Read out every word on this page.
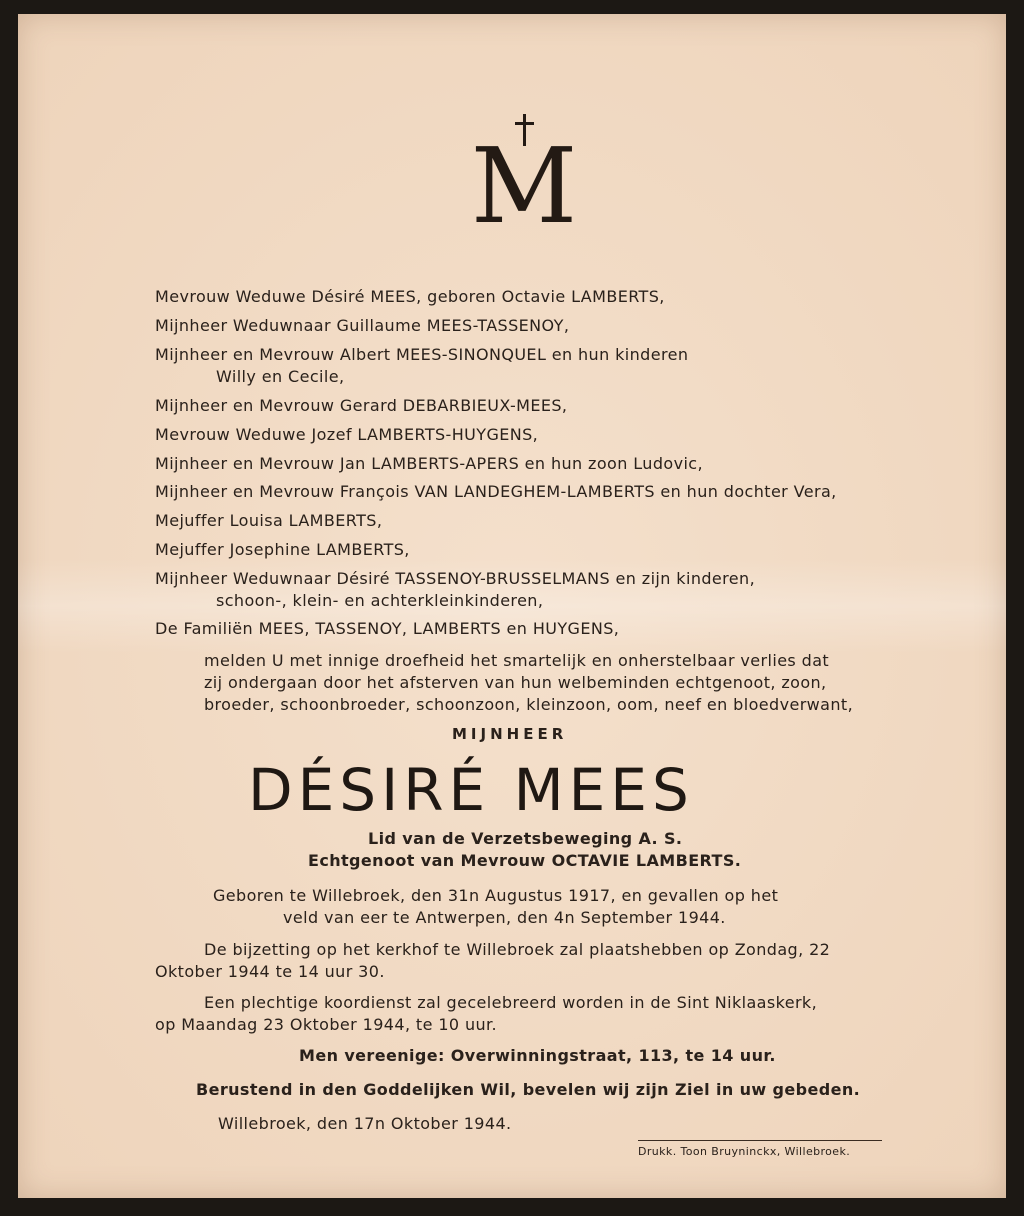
M
Mevrouw Weduwe Désiré MEES, geboren Octavie LAMBERTS,
Mijnheer Weduwnaar Guillaume MEES-TASSENOY,
Mijnheer en Mevrouw Albert MEES-SINONQUEL en hun kinderen
Willy en Cecile,
Mijnheer en Mevrouw Gerard DEBARBIEUX-MEES,
Mevrouw Weduwe Jozef LAMBERTS-HUYGENS,
Mijnheer en Mevrouw Jan LAMBERTS-APERS en hun zoon Ludovic,
Mijnheer en Mevrouw François VAN LANDEGHEM-LAMBERTS en hun dochter Vera,
Mejuffer Louisa LAMBERTS,
Mejuffer Josephine LAMBERTS,
Mijnheer Weduwnaar Désiré TASSENOY-BRUSSELMANS en zijn kinderen,
schoon-, klein- en achterkleinkinderen,
De Familiën MEES, TASSENOY, LAMBERTS en HUYGENS,
melden U met innige droefheid het smartelijk en onherstelbaar verlies dat
zij ondergaan door het afsterven van hun welbeminden echtgenoot, zoon,
broeder, schoonbroeder, schoonzoon, kleinzoon, oom, neef en bloedverwant,
MIJNHEER
DÉSIRÉ MEES
Lid van de Verzetsbeweging A. S.
Echtgenoot van Mevrouw OCTAVIE LAMBERTS.
Geboren te Willebroek, den 31n Augustus 1917, en gevallen op het
veld van eer te Antwerpen, den 4n September 1944.
De bijzetting op het kerkhof te Willebroek zal plaatshebben op Zondag, 22
Oktober 1944 te 14 uur 30.
Een plechtige koordienst zal gecelebreerd worden in de Sint Niklaaskerk,
op Maandag 23 Oktober 1944, te 10 uur.
Men vereenige: Overwinningstraat, 113, te 14 uur.
Berustend in den Goddelijken Wil, bevelen wij zijn Ziel in uw gebeden.
Willebroek, den 17n Oktober 1944.
Drukk. Toon Bruyninckx, Willebroek.
